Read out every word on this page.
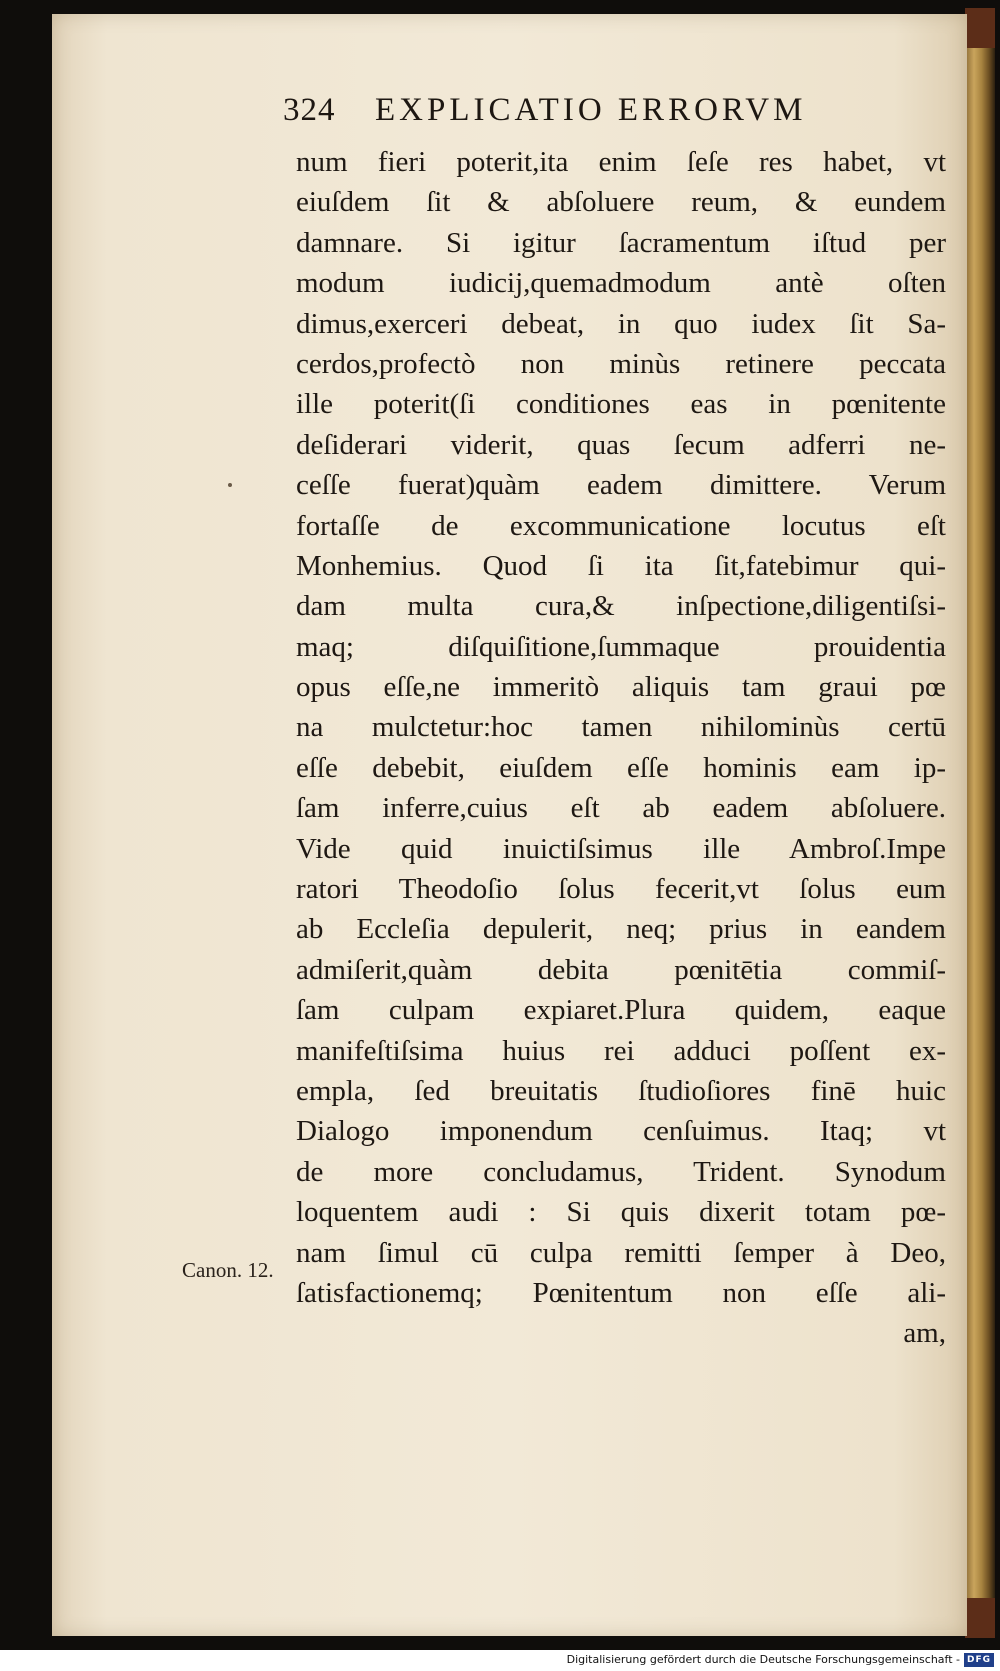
324 EXPLICATIO ERRORVM
num fieri poterit,ita enim ſeſe res habet, vt
eiuſdem ſit & abſoluere reum, & eundem
damnare. Si igitur ſacramentum iſtud per
modum iudicij,quemadmodum antè oſten
dimus,exerceri debeat, in quo iudex ſit Sa-
cerdos,profectò non minùs retinere peccata
ille poterit(ſi conditiones eas in pœnitente
deſiderari viderit, quas ſecum adferri ne-
ceſſe fuerat)quàm eadem dimittere. Verum
fortaſſe de excommunicatione locutus eſt
Monhemius. Quod ſi ita ſit,fatebimur qui-
dam multa cura,& inſpectione,diligentiſsi-
maq; diſquiſitione,ſummaque prouidentia
opus eſſe,ne immeritò aliquis tam graui pœ
na mulctetur:hoc tamen nihilominùs certū
eſſe debebit, eiuſdem eſſe hominis eam ip-
ſam inferre,cuius eſt ab eadem abſoluere.
Vide quid inuictiſsimus ille Ambroſ.Impe
ratori Theodoſio ſolus fecerit,vt ſolus eum
ab Eccleſia depulerit, neq; prius in eandem
admiſerit,quàm debita pœnitētia commiſ-
ſam culpam expiaret.Plura quidem, eaque
manifeſtiſsima huius rei adduci poſſent ex-
empla, ſed breuitatis ſtudioſiores finē huic
Dialogo imponendum cenſuimus. Itaq; vt
de more concludamus, Trident. Synodum
loquentem audi : Si quis dixerit totam pœ-
nam ſimul cū culpa remitti ſemper à Deo,
ſatisfactionemq; Pœnitentum non eſſe ali-
am,
Canon. 12.
Digitalisierung gefördert durch die Deutsche Forschungsgemeinschaft - DFG
